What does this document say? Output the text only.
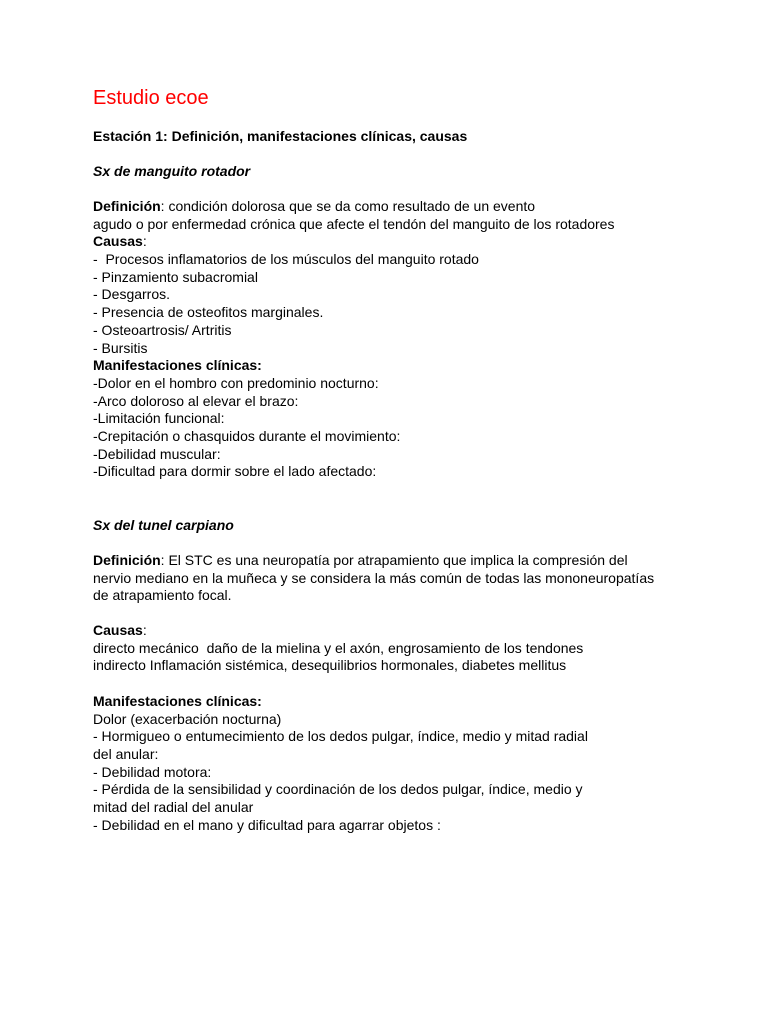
Estudio ecoe
Estación 1: Definición, manifestaciones clínicas, causas
Sx de manguito rotador
Definición: condición dolorosa que se da como resultado de un evento
agudo o por enfermedad crónica que afecte el tendón del manguito de los rotadores
Causas:
-  Procesos inflamatorios de los músculos del manguito rotado
- Pinzamiento subacromial
- Desgarros.
- Presencia de osteofitos marginales.
- Osteoartrosis/ Artritis
- Bursitis
Manifestaciones clínicas:
-Dolor en el hombro con predominio nocturno:
-Arco doloroso al elevar el brazo:
-Limitación funcional:
-Crepitación o chasquidos durante el movimiento:
-Debilidad muscular:
-Dificultad para dormir sobre el lado afectado:
Sx del tunel carpiano
Definición: El STC es una neuropatía por atrapamiento que implica la compresión del
nervio mediano en la muñeca y se considera la más común de todas las mononeuropatías
de atrapamiento focal.
Causas:
directo mecánico  daño de la mielina y el axón, engrosamiento de los tendones
indirecto Inflamación sistémica, desequilibrios hormonales, diabetes mellitus
Manifestaciones clínicas:
Dolor (exacerbación nocturna)
- Hormigueo o entumecimiento de los dedos pulgar, índice, medio y mitad radial
del anular:
- Debilidad motora:
- Pérdida de la sensibilidad y coordinación de los dedos pulgar, índice, medio y
mitad del radial del anular
- Debilidad en el mano y dificultad para agarrar objetos :
